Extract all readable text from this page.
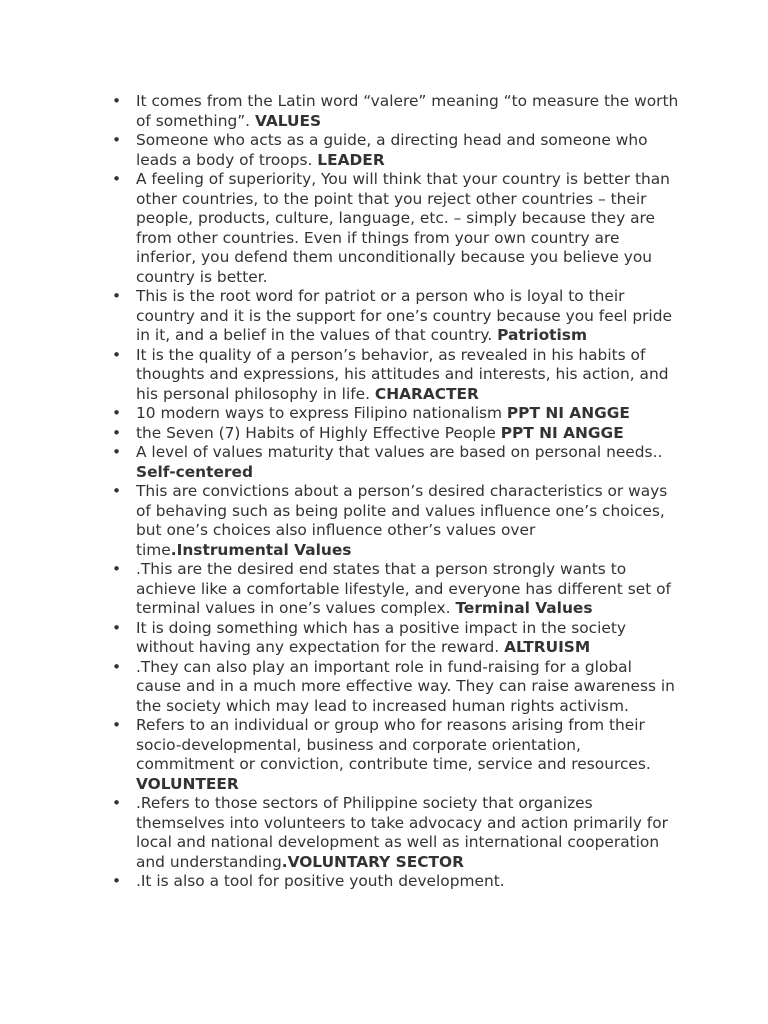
• It comes from the Latin word “valere” meaning “to measure the worth of something”. VALUES
• Someone who acts as a guide, a directing head and someone who leads a body of troops. LEADER
• A feeling of superiority, You will think that your country is better than other countries, to the point that you reject other countries – their people, products, culture, language, etc. – simply because they are from other countries. Even if things from your own country are inferior, you defend them unconditionally because you believe you country is better.
• This is the root word for patriot or a person who is loyal to their country and it is the support for one’s country because you feel pride in it, and a belief in the values of that country. Patriotism
• It is the quality of a person’s behavior, as revealed in his habits of thoughts and expressions, his attitudes and interests, his action, and his personal philosophy in life. CHARACTER
• 10 modern ways to express Filipino nationalism PPT NI ANGGE
• the Seven (7) Habits of Highly Effective People PPT NI ANGGE
• A level of values maturity that values are based on personal needs.. Self-centered
• This are convictions about a person’s desired characteristics or ways of behaving such as being polite and values influence one’s choices, but one’s choices also influence other’s values over time.Instrumental Values
• .This are the desired end states that a person strongly wants to achieve like a comfortable lifestyle, and everyone has different set of terminal values in one’s values complex. Terminal Values
• It is doing something which has a positive impact in the society without having any expectation for the reward. ALTRUISM
• .They can also play an important role in fund-raising for a global cause and in a much more effective way. They can raise awareness in the society which may lead to increased human rights activism.
• Refers to an individual or group who for reasons arising from their socio-developmental, business and corporate orientation, commitment or conviction, contribute time, service and resources. VOLUNTEER
• .Refers to those sectors of Philippine society that organizes themselves into volunteers to take advocacy and action primarily for local and national development as well as international cooperation and understanding.VOLUNTARY SECTOR
• .It is also a tool for positive youth development.
